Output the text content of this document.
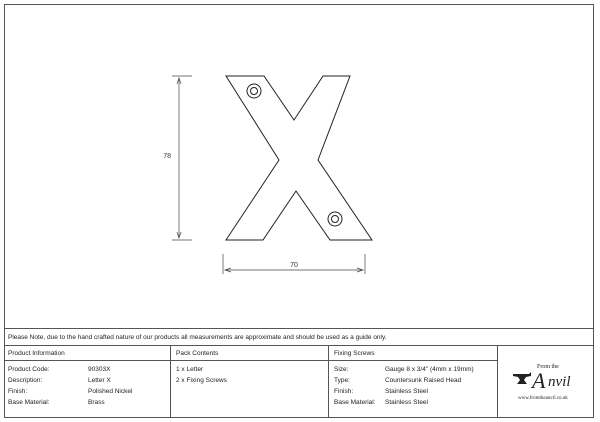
78
70
Please Note, due to the hand crafted nature of our products all measurements are approximate and should be used as a guide only.
Product Information
Product Code:	90303X
Description:	Letter X
Finish:	Polished Nickel
Base Material:	Brass
Pack Contents
1 x Letter
2 x Fixing Screws
Fixing Screws
Size:	Gauge 8 x 3/4" (4mm x 19mm)
Type:	Countersunk Raised Head
Finish:	Stainless Steel
Base Material: Stainless Steel
From the
A nvil
www.fromtheanvil.co.uk
